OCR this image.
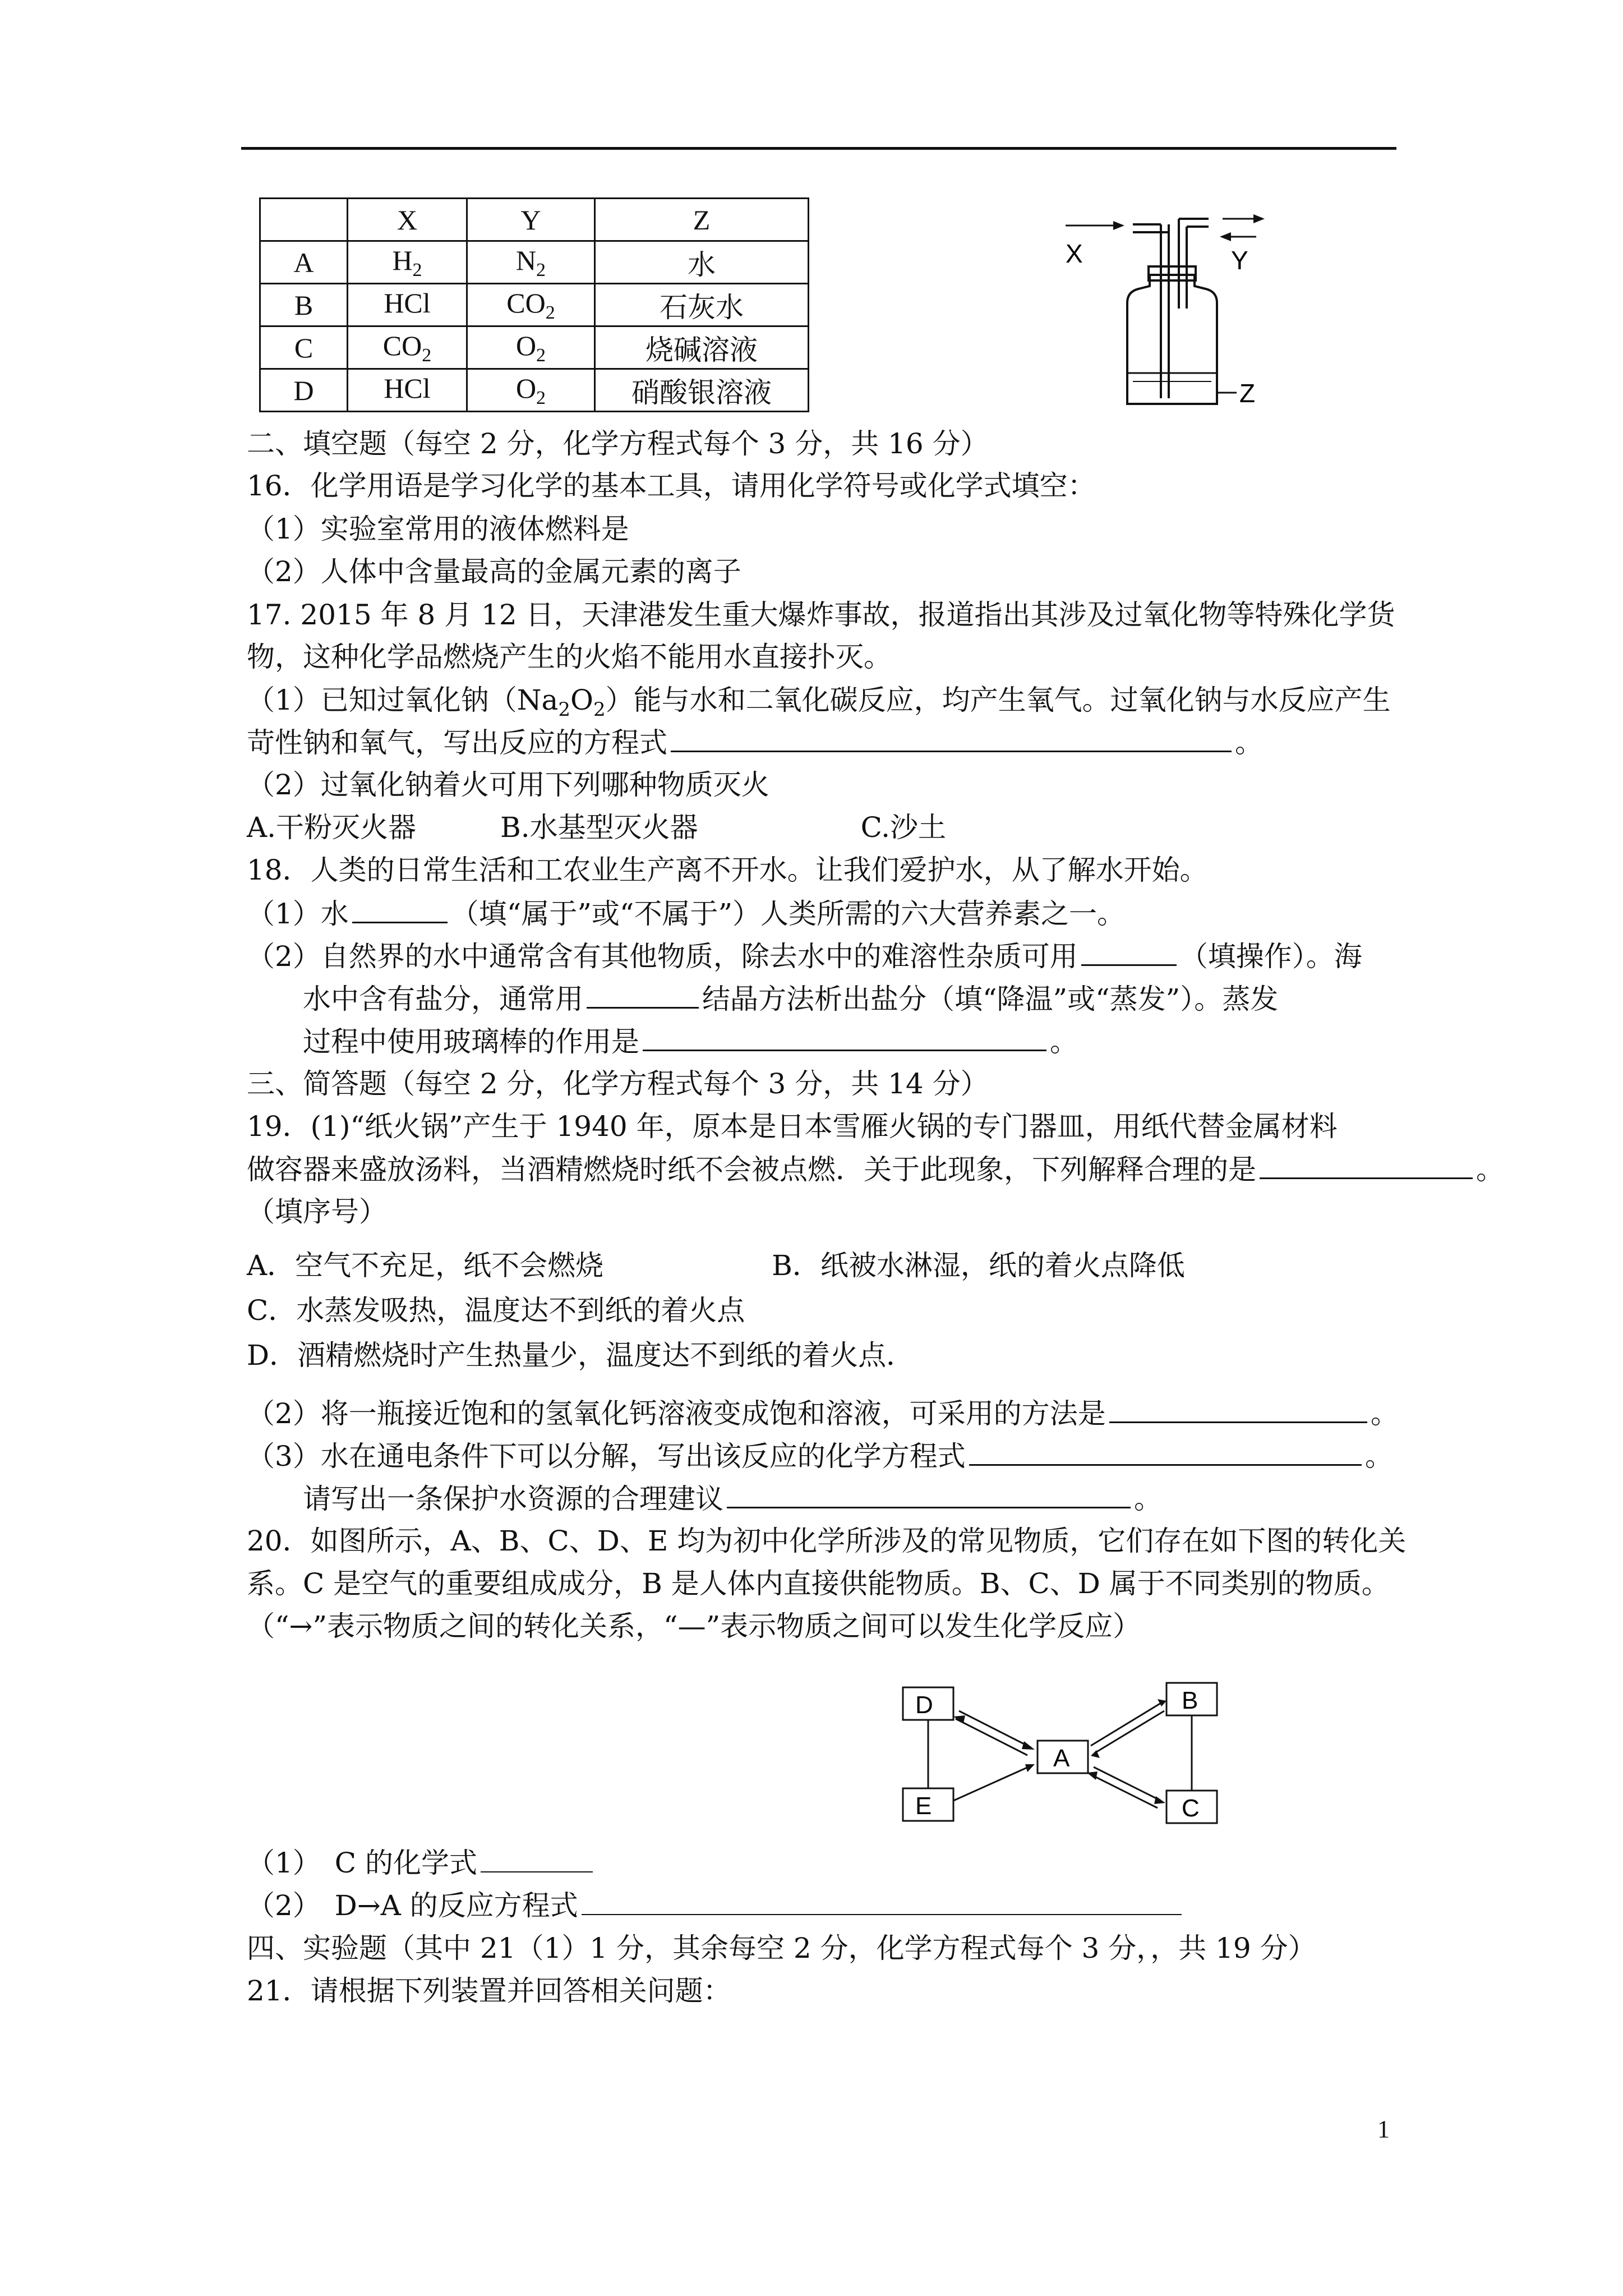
	X	Y	Z
A	$H_2$	$N_2$	水
B	HCl	$CO_2$	石灰水
C	$CO_2$	$O_2$	烧碱溶液
D	HCl	$O_2$	硝酸银溶液
X	Y
Z
二、填空题（每空 2 分，化学方程式每个 3 分，共 16 分）
16．化学用语是学习化学的基本工具，请用化学符号或化学式填空：
（1）实验室常用的液体燃料是
（2）人体中含量最高的金属元素的离子
17. 2015 年 8 月 12 日，天津港发生重大爆炸事故，报道指出其涉及过氧化物等特殊化学货
物，这种化学品燃烧产生的火焰不能用水直接扑灭。
（1）已知过氧化钠$(Na_2O_2)$能与水和二氧化碳反应，均产生氧气。过氧化钠与水反应产生
苛性钠和氧气，写出反应的方程式	。
（2）过氧化钠着火可用下列哪种物质灭火
A.干粉灭火器	B.水基型灭火器	C.沙土
18．人类的日常生活和工农业生产离不开水。让我们爱护水，从了解水开始。
（1）水	（填“属于”或“不属于”）人类所需的六大营养素之一。
（2）自然界的水中通常含有其他物质，除去水中的难溶性杂质可用	（填操作）。海
水中含有盐分，通常用	结晶方法析出盐分（填“降温”或“蒸发”）。蒸发
过程中使用玻璃棒的作用是	。
三、简答题（每空 2 分，化学方程式每个 3 分，共 14 分）
19．(1)“纸火锅”产生于 1940 年，原本是日本雪雁火锅的专门器皿，用纸代替金属材料
做容器来盛放汤料，当酒精燃烧时纸不会被点燃．关于此现象，下列解释合理的是	。
（填序号）
A．空气不充足，纸不会燃烧	B．纸被水淋湿，纸的着火点降低
C．水蒸发吸热，温度达不到纸的着火点
D．酒精燃烧时产生热量少，温度达不到纸的着火点．
（2）将一瓶接近饱和的氢氧化钙溶液变成饱和溶液，可采用的方法是	。
（3）水在通电条件下可以分解，写出该反应的化学方程式	。
请写出一条保护水资源的合理建议	。
20．如图所示，A、B、C、D、E 均为初中化学所涉及的常见物质，它们存在如下图的转化关
系。C 是空气的重要组成成分，B 是人体内直接供能物质。B、C、D 属于不同类别的物质。
（“→”表示物质之间的转化关系，“—”表示物质之间可以发生化学反应）
D
E
A
B
C
（1）　C 的化学式
（2）　D→A 的反应方程式
四、实验题（其中 21（1）1 分，其余每空 2 分，化学方程式每个 3 分，，共 19 分）
21．请根据下列装置并回答相关问题：
1
